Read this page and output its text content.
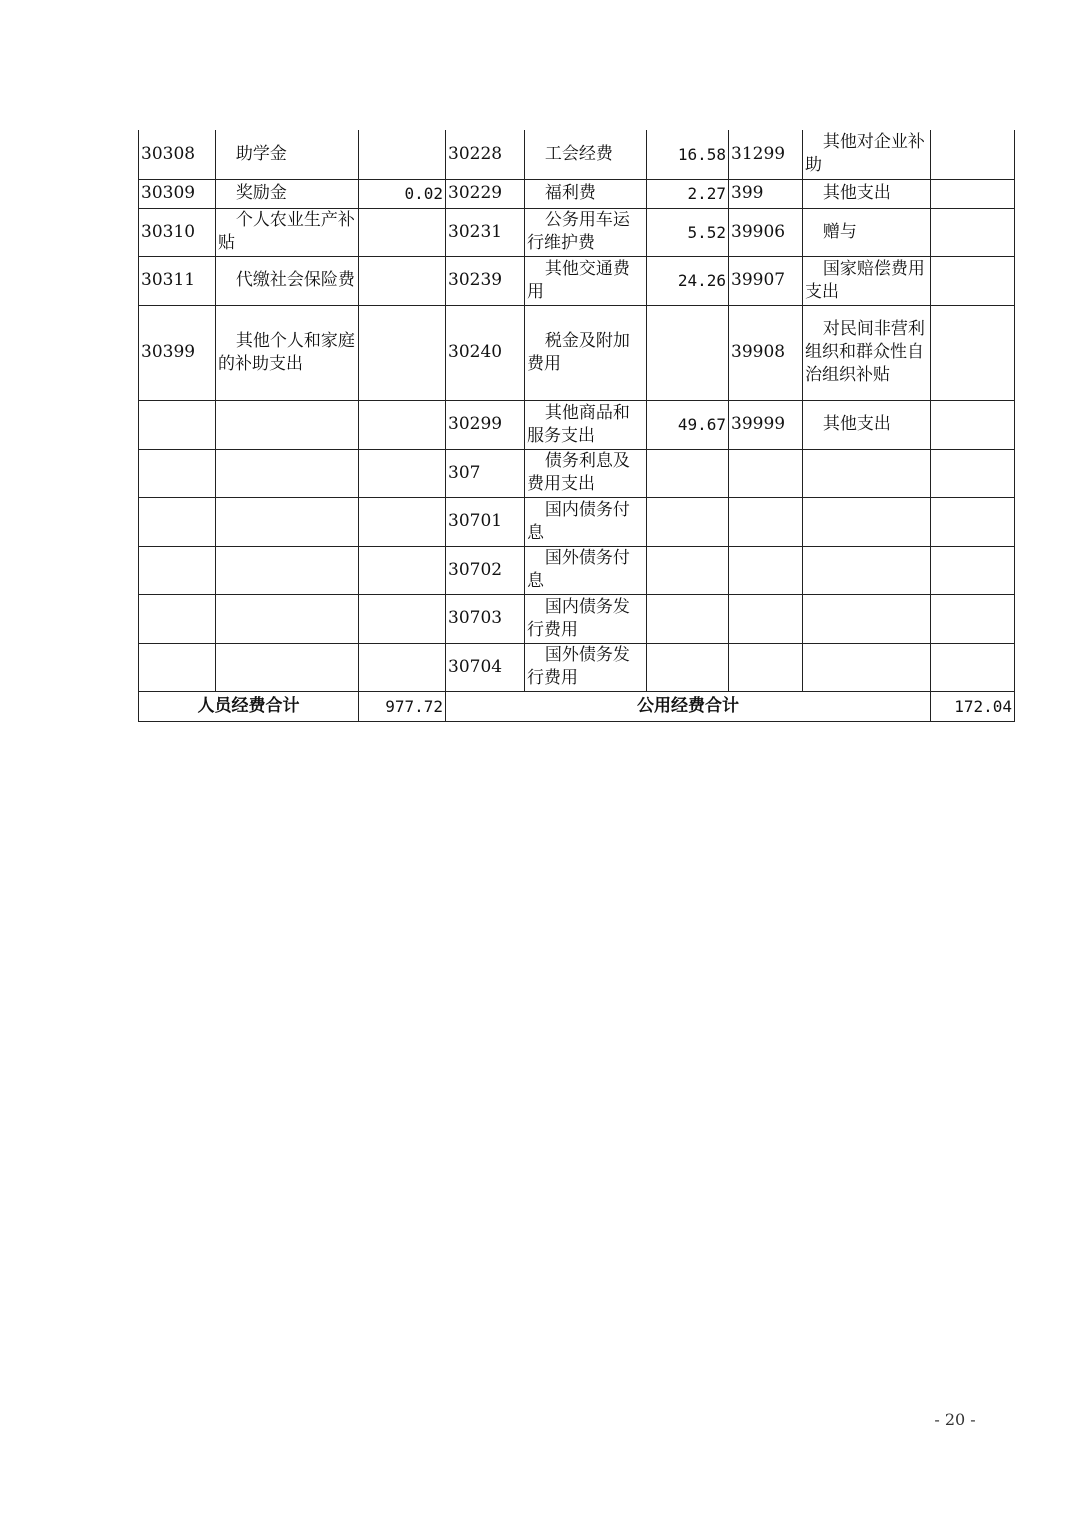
30308	助学金		30228	工会经费	16.58	31299	其他对企业补助	
30309	奖励金	0.02	30229	福利费	2.27	399	其他支出	
30310	个人农业生产补贴		30231	公务用车运行维护费	5.52	39906	赠与	
30311	代缴社会保险费		30239	其他交通费用	24.26	39907	国家赔偿费用支出	
30399	其他个人和家庭的补助支出		30240	税金及附加费用		39908	对民间非营利组织和群众性自治组织补贴	
			30299	其他商品和服务支出	49.67	39999	其他支出	
			307	债务利息及费用支出				
			30701	国内债务付息				
			30702	国外债务付息				
			30703	国内债务发行费用				
			30704	国外债务发行费用				
人员经费合计		977.72	公用经费合计					172.04
- 20 -
